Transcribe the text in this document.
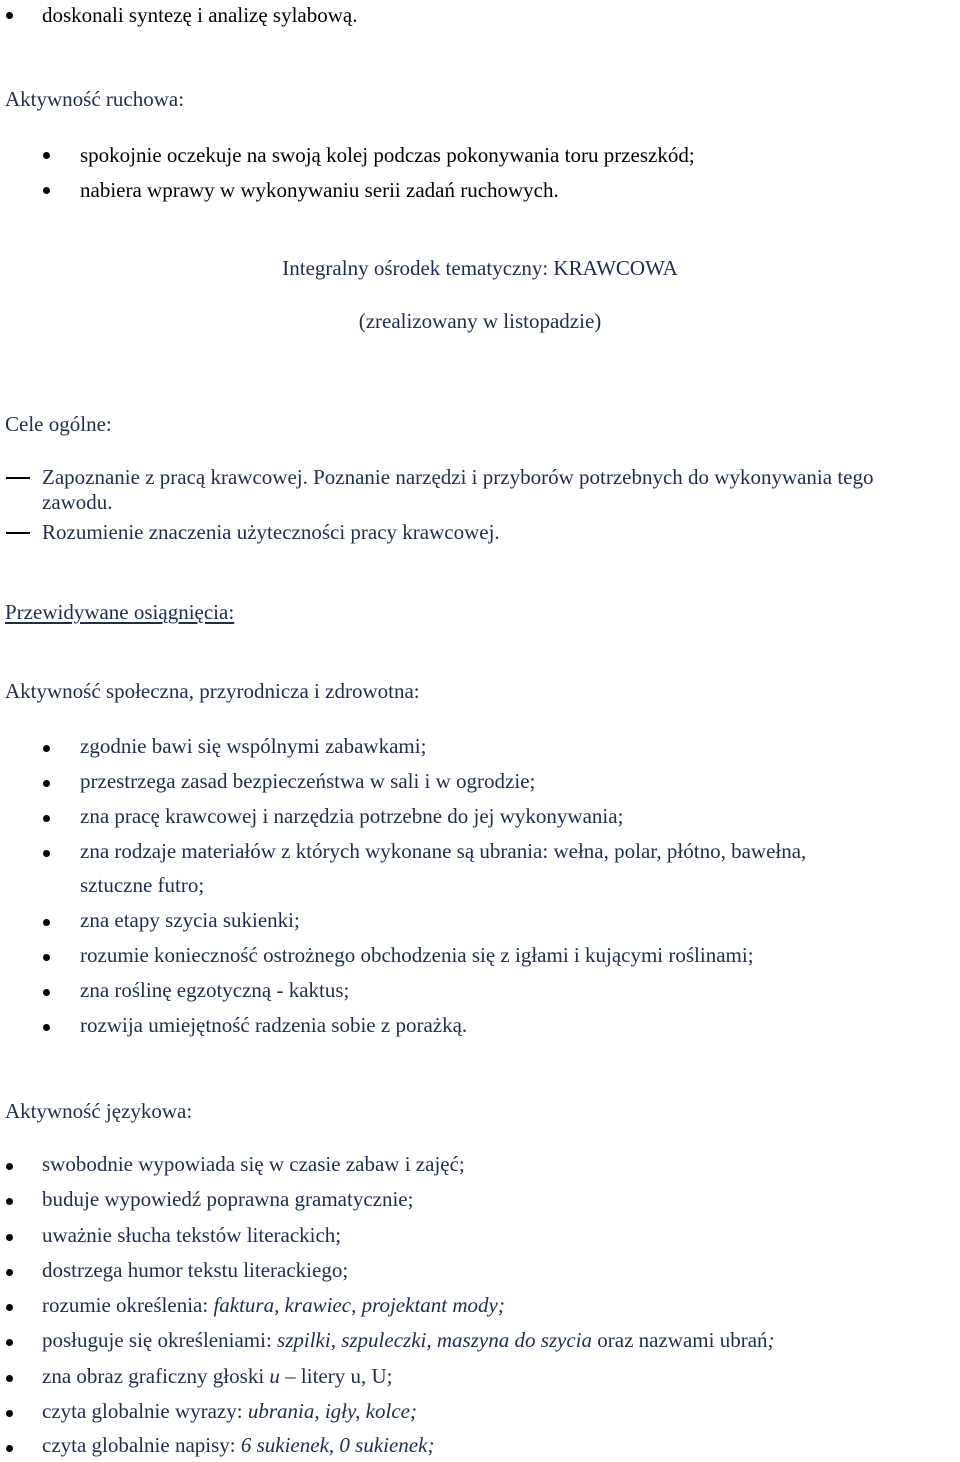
doskonali syntezę i analizę sylabową.
Aktywność ruchowa:
spokojnie oczekuje na swoją kolej podczas pokonywania toru przeszkód;
nabiera wprawy w wykonywaniu serii zadań ruchowych.
Integralny ośrodek tematyczny: KRAWCOWA
(zrealizowany w listopadzie)
Cele ogólne:
Zapoznanie z pracą krawcowej. Poznanie narzędzi i przyborów potrzebnych do wykonywania tego
zawodu.
Rozumienie znaczenia użyteczności pracy krawcowej.
Przewidywane osiągnięcia:
Aktywność społeczna, przyrodnicza i zdrowotna:
zgodnie bawi się wspólnymi zabawkami;
przestrzega zasad bezpieczeństwa w sali i w ogrodzie;
zna pracę krawcowej i narzędzia potrzebne do jej wykonywania;
zna rodzaje materiałów z których wykonane są ubrania: wełna, polar, płótno, bawełna,
sztuczne futro;
zna etapy szycia sukienki;
rozumie konieczność ostrożnego obchodzenia się z igłami i kującymi roślinami;
zna roślinę egzotyczną - kaktus;
rozwija umiejętność radzenia sobie z porażką.
Aktywność językowa:
swobodnie wypowiada się w czasie zabaw i zajęć;
buduje wypowiedź poprawna gramatycznie;
uważnie słucha tekstów literackich;
dostrzega humor tekstu literackiego;
rozumie określenia: faktura, krawiec, projektant mody;
posługuje się określeniami: szpilki, szpuleczki, maszyna do szycia oraz nazwami ubrań;
zna obraz graficzny głoski u – litery u, U;
czyta globalnie wyrazy: ubrania, igły, kolce;
czyta globalnie napisy: 6 sukienek, 0 sukienek;
